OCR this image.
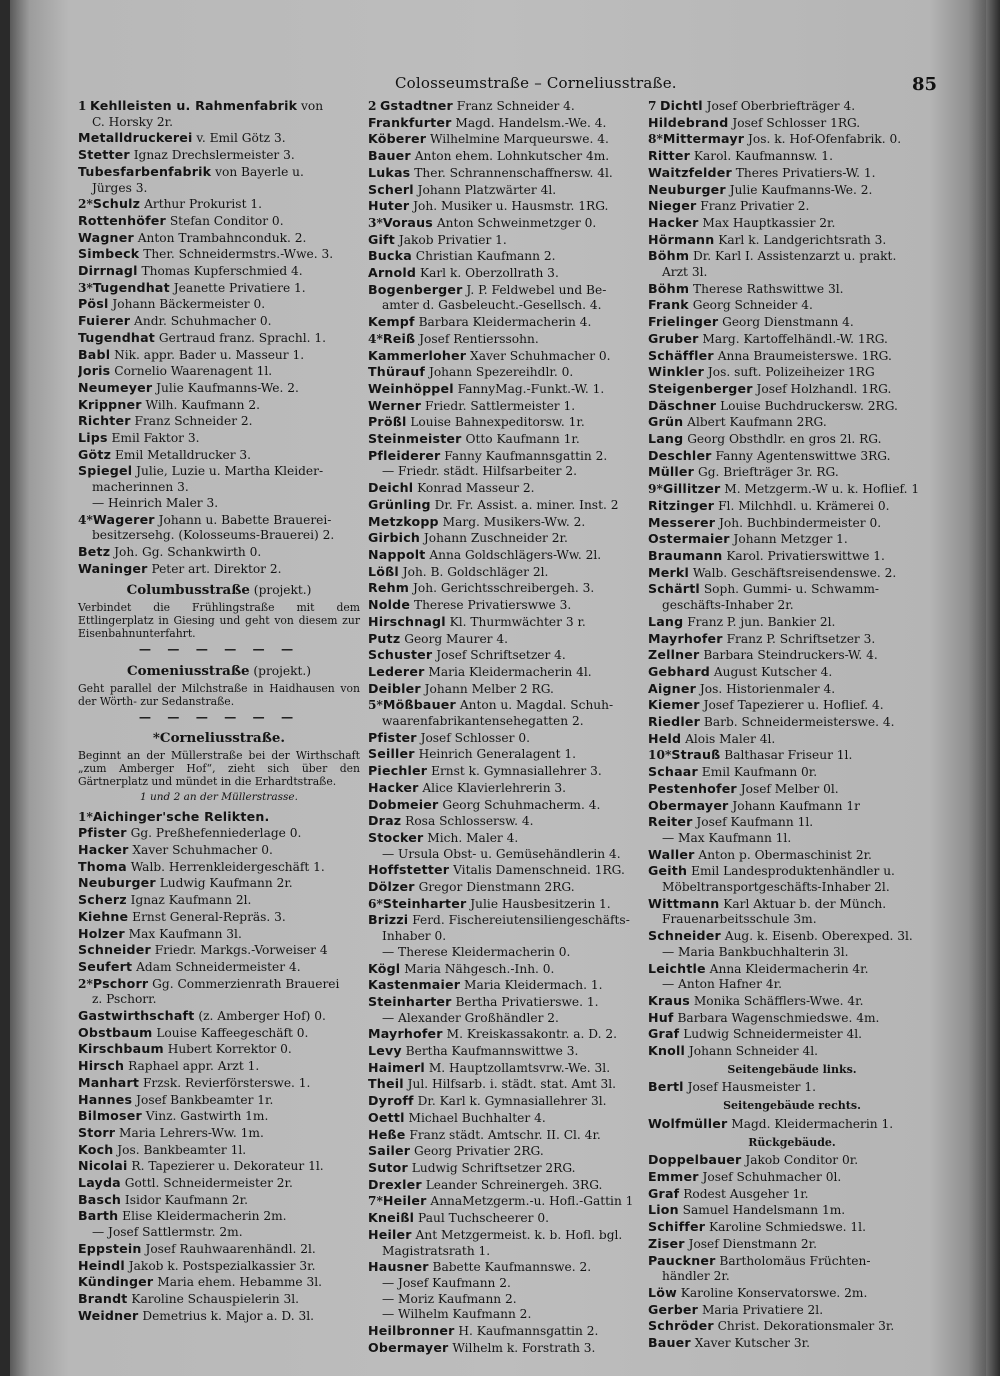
Colosseumstraße – Corneliusstraße.	85
1Kehlleisten u. Rahmenfabrik von
C. Horsky 2r.
Metalldruckerei v. Emil Götz 3.
Stetter Ignaz Drechslermeister 3.
Tubesfarbenfabrik von Bayerle u.
Jürges 3.
2*Schulz Arthur Prokurist 1.
Rottenhöfer Stefan Conditor 0.
Wagner Anton Trambahnconduk. 2.
Simbeck Ther. Schneidermstrs.-Wwe. 3.
Dirrnagl Thomas Kupferschmied 4.
3*Tugendhat Jeanette Privatiere 1.
Pösl Johann Bäckermeister 0.
Fuierer Andr. Schuhmacher 0.
Tugendhat Gertraud franz. Sprachl. 1.
Babl Nik. appr. Bader u. Masseur 1.
Joris Cornelio Waarenagent 1l.
Neumeyer Julie Kaufmanns-We. 2.
Krippner Wilh. Kaufmann 2.
Richter Franz Schneider 2.
Lips Emil Faktor 3.
Götz Emil Metalldrucker 3.
Spiegel Julie, Luzie u. Martha Kleider-
macherinnen 3.
— Heinrich Maler 3.
4*Wagerer Johann u. Babette Brauerei-
besitzersehg. (Kolosseums-Brauerei) 2.
Betz Joh. Gg. Schankwirth 0.
Waninger Peter art. Direktor 2.
Columbusstraße (projekt.)
Verbindet die Frühlingstraße mit dem Ettlingerplatz in Giesing und geht von diesem zur Eisenbahnunterfahrt.
— — — — — —
Comeniusstraße (projekt.)
Geht parallel der Milchstraße in Haidhausen von der Wörth- zur Sedanstraße.
— — — — — —
*Corneliusstraße.
Beginnt an der Müllerstraße bei der Wirthschaft „zum Amberger Hof“, zieht sich über den Gärtnerplatz und mündet in die Erhardtstraße.
1 und 2 an der Müllerstrasse.
1*Aichinger'sche Relikten.
Pfister Gg. Preßhefenniederlage 0.
Hacker Xaver Schuhmacher 0.
Thoma Walb. Herrenkleidergeschäft 1.
Neuburger Ludwig Kaufmann 2r.
Scherz Ignaz Kaufmann 2l.
Kiehne Ernst General-Repräs. 3.
Holzer Max Kaufmann 3l.
Schneider Friedr. Markgs.-Vorweiser 4
Seufert Adam Schneidermeister 4.
2*Pschorr Gg. Commerzienrath Brauerei
z. Pschorr.
Gastwirthschaft (z. Amberger Hof) 0.
Obstbaum Louise Kaffeegeschäft 0.
Kirschbaum Hubert Korrektor 0.
Hirsch Raphael appr. Arzt 1.
Manhart Frzsk. Revierförsterswe. 1.
Hannes Josef Bankbeamter 1r.
Bilmoser Vinz. Gastwirth 1m.
Storr Maria Lehrers-Ww. 1m.
Koch Jos. Bankbeamter 1l.
Nicolai R. Tapezierer u. Dekorateur 1l.
Layda Gottl. Schneidermeister 2r.
Basch Isidor Kaufmann 2r.
Barth Elise Kleidermacherin 2m.
— Josef Sattlermstr. 2m.
Eppstein Josef Rauhwaarenhändl. 2l.
Heindl Jakob k. Postspezialkassier 3r.
Kündinger Maria ehem. Hebamme 3l.
Brandt Karoline Schauspielerin 3l.
Weidner Demetrius k. Major a. D. 3l.
2Gstadtner Franz Schneider 4.
Frankfurter Magd. Handelsm.-We. 4.
Köberer Wilhelmine Marqueurswe. 4.
Bauer Anton ehem. Lohnkutscher 4m.
Lukas Ther. Schrannenschaffnersw. 4l.
Scherl Johann Platzwärter 4l.
Huter Joh. Musiker u. Hausmstr. 1RG.
3*Voraus Anton Schweinmetzger 0.
Gift Jakob Privatier 1.
Bucka Christian Kaufmann 2.
Arnold Karl k. Oberzollrath 3.
Bogenberger J. P. Feldwebel und Be-
amter d. Gasbeleucht.-Gesellsch. 4.
Kempf Barbara Kleidermacherin 4.
4*Reiß Josef Rentierssohn.
Kammerloher Xaver Schuhmacher 0.
Thürauf Johann Spezereihdlr. 0.
Weinhöppel FannyMag.-Funkt.-W. 1.
Werner Friedr. Sattlermeister 1.
Prößl Louise Bahnexpeditorsw. 1r.
Steinmeister Otto Kaufmann 1r.
Pfleiderer Fanny Kaufmannsgattin 2.
— Friedr. städt. Hilfsarbeiter 2.
Deichl Konrad Masseur 2.
Grünling Dr. Fr. Assist. a. miner. Inst. 2
Metzkopp Marg. Musikers-Ww. 2.
Girbich Johann Zuschneider 2r.
Nappolt Anna Goldschlägers-Ww. 2l.
Lößl Joh. B. Goldschläger 2l.
Rehm Joh. Gerichtsschreibergeh. 3.
Nolde Therese Privatierswwe 3.
Hirschnagl Kl. Thurmwächter 3 r.
Putz Georg Maurer 4.
Schuster Josef Schriftsetzer 4.
Lederer Maria Kleidermacherin 4l.
Deibler Johann Melber 2 RG.
5*Mößbauer Anton u. Magdal. Schuh-
waarenfabrikantensehegatten 2.
Pfister Josef Schlosser 0.
Seiller Heinrich Generalagent 1.
Piechler Ernst k. Gymnasiallehrer 3.
Hacker Alice Klavierlehrerin 3.
Dobmeier Georg Schuhmacherm. 4.
Draz Rosa Schlossersw. 4.
Stocker Mich. Maler 4.
— Ursula Obst- u. Gemüsehändlerin 4.
Hoffstetter Vitalis Damenschneid. 1RG.
Dölzer Gregor Dienstmann 2RG.
6*Steinharter Julie Hausbesitzerin 1.
Brizzi Ferd. Fischereiutensiliengeschäfts-
Inhaber 0.
— Therese Kleidermacherin 0.
Kögl Maria Nähgesch.-Inh. 0.
Kastenmaier Maria Kleidermach. 1.
Steinharter Bertha Privatierswe. 1.
— Alexander Großhändler 2.
Mayrhofer M. Kreiskassakontr. a. D. 2.
Levy Bertha Kaufmannswittwe 3.
Haimerl M. Hauptzollamtsvrw.-We. 3l.
Theil Jul. Hilfsarb. i. städt. stat. Amt 3l.
Dyroff Dr. Karl k. Gymnasiallehrer 3l.
Oettl Michael Buchhalter 4.
Heße Franz städt. Amtschr. II. Cl. 4r.
Sailer Georg Privatier 2RG.
Sutor Ludwig Schriftsetzer 2RG.
Drexler Leander Schreinergeh. 3RG.
7*Heiler AnnaMetzgerm.-u. Hofl.-Gattin 1
Kneißl Paul Tuchscheerer 0.
Heiler Ant Metzgermeist. k. b. Hofl. bgl.
Magistratsrath 1.
Hausner Babette Kaufmannswe. 2.
— Josef Kaufmann 2.
— Moriz Kaufmann 2.
— Wilhelm Kaufmann 2.
Heilbronner H. Kaufmannsgattin 2.
Obermayer Wilhelm k. Forstrath 3.
7Dichtl Josef Oberbriefträger 4.
Hildebrand Josef Schlosser 1RG.
8*Mittermayr Jos. k. Hof-Ofenfabrik. 0.
Ritter Karol. Kaufmannsw. 1.
Waitzfelder Theres Privatiers-W. 1.
Neuburger Julie Kaufmanns-We. 2.
Nieger Franz Privatier 2.
Hacker Max Hauptkassier 2r.
Hörmann Karl k. Landgerichtsrath 3.
Böhm Dr. Karl I. Assistenzarzt u. prakt.
Arzt 3l.
Böhm Therese Rathswittwe 3l.
Frank Georg Schneider 4.
Frielinger Georg Dienstmann 4.
Gruber Marg. Kartoffelhändl.-W. 1RG.
Schäffler Anna Braumeisterswe. 1RG.
Winkler Jos. suft. Polizeiheizer 1RG
Steigenberger Josef Holzhandl. 1RG.
Däschner Louise Buchdruckersw. 2RG.
Grün Albert Kaufmann 2RG.
Lang Georg Obsthdlr. en gros 2l. RG.
Deschler Fanny Agentenswittwe 3RG.
Müller Gg. Briefträger 3r. RG.
9*Gillitzer M. Metzgerm.-W u. k. Hoflief. 1
Ritzinger Fl. Milchhdl. u. Krämerei 0.
Messerer Joh. Buchbindermeister 0.
Ostermaier Johann Metzger 1.
Braumann Karol. Privatierswittwe 1.
Merkl Walb. Geschäftsreisendenswe. 2.
Schärtl Soph. Gummi- u. Schwamm-
geschäfts-Inhaber 2r.
Lang Franz P. jun. Bankier 2l.
Mayrhofer Franz P. Schriftsetzer 3.
Zellner Barbara Steindruckers-W. 4.
Gebhard August Kutscher 4.
Aigner Jos. Historienmaler 4.
Kiemer Josef Tapezierer u. Hoflief. 4.
Riedler Barb. Schneidermeisterswe. 4.
Held Alois Maler 4l.
10*Strauß Balthasar Friseur 1l.
Schaar Emil Kaufmann 0r.
Pestenhofer Josef Melber 0l.
Obermayer Johann Kaufmann 1r
Reiter Josef Kaufmann 1l.
— Max Kaufmann 1l.
Waller Anton p. Obermaschinist 2r.
Geith Emil Landesproduktenhändler u.
Möbeltransportgeschäfts-Inhaber 2l.
Wittmann Karl Aktuar b. der Münch.
Frauenarbeitsschule 3m.
Schneider Aug. k. Eisenb. Oberexped. 3l.
— Maria Bankbuchhalterin 3l.
Leichtle Anna Kleidermacherin 4r.
— Anton Hafner 4r.
Kraus Monika Schäfflers-Wwe. 4r.
Huf Barbara Wagenschmiedswe. 4m.
Graf Ludwig Schneidermeister 4l.
Knoll Johann Schneider 4l.
Seitengebäude links.
Bertl Josef Hausmeister 1.
Seitengebäude rechts.
Wolfmüller Magd. Kleidermacherin 1.
Rückgebäude.
Doppelbauer Jakob Conditor 0r.
Emmer Josef Schuhmacher 0l.
Graf Rodest Ausgeher 1r.
Lion Samuel Handelsmann 1m.
Schiffer Karoline Schmiedswe. 1l.
Ziser Josef Dienstmann 2r.
Pauckner Bartholomäus Früchten-
händler 2r.
Löw Karoline Konservatorswe. 2m.
Gerber Maria Privatiere 2l.
Schröder Christ. Dekorationsmaler 3r.
Bauer Xaver Kutscher 3r.
